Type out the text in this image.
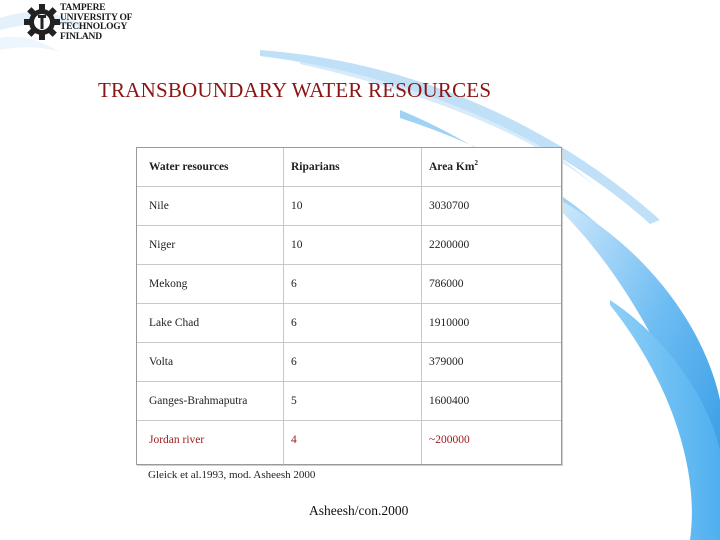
TAMPERE
UNIVERSITY OF
TECHNOLOGY
FINLAND
TRANSBOUNDARY WATER RESOURCES
Water resources	Riparians	Area Km$^2$
Nile	10	3030700
Niger	10	2200000
Mekong	6	786000
Lake Chad	6	1910000
Volta	6	379000
Ganges-Brahmaputra	5	1600400
Jordan river	4	~200000
Gleick et al.1993, mod. Asheesh 2000
Asheesh/con.2000
